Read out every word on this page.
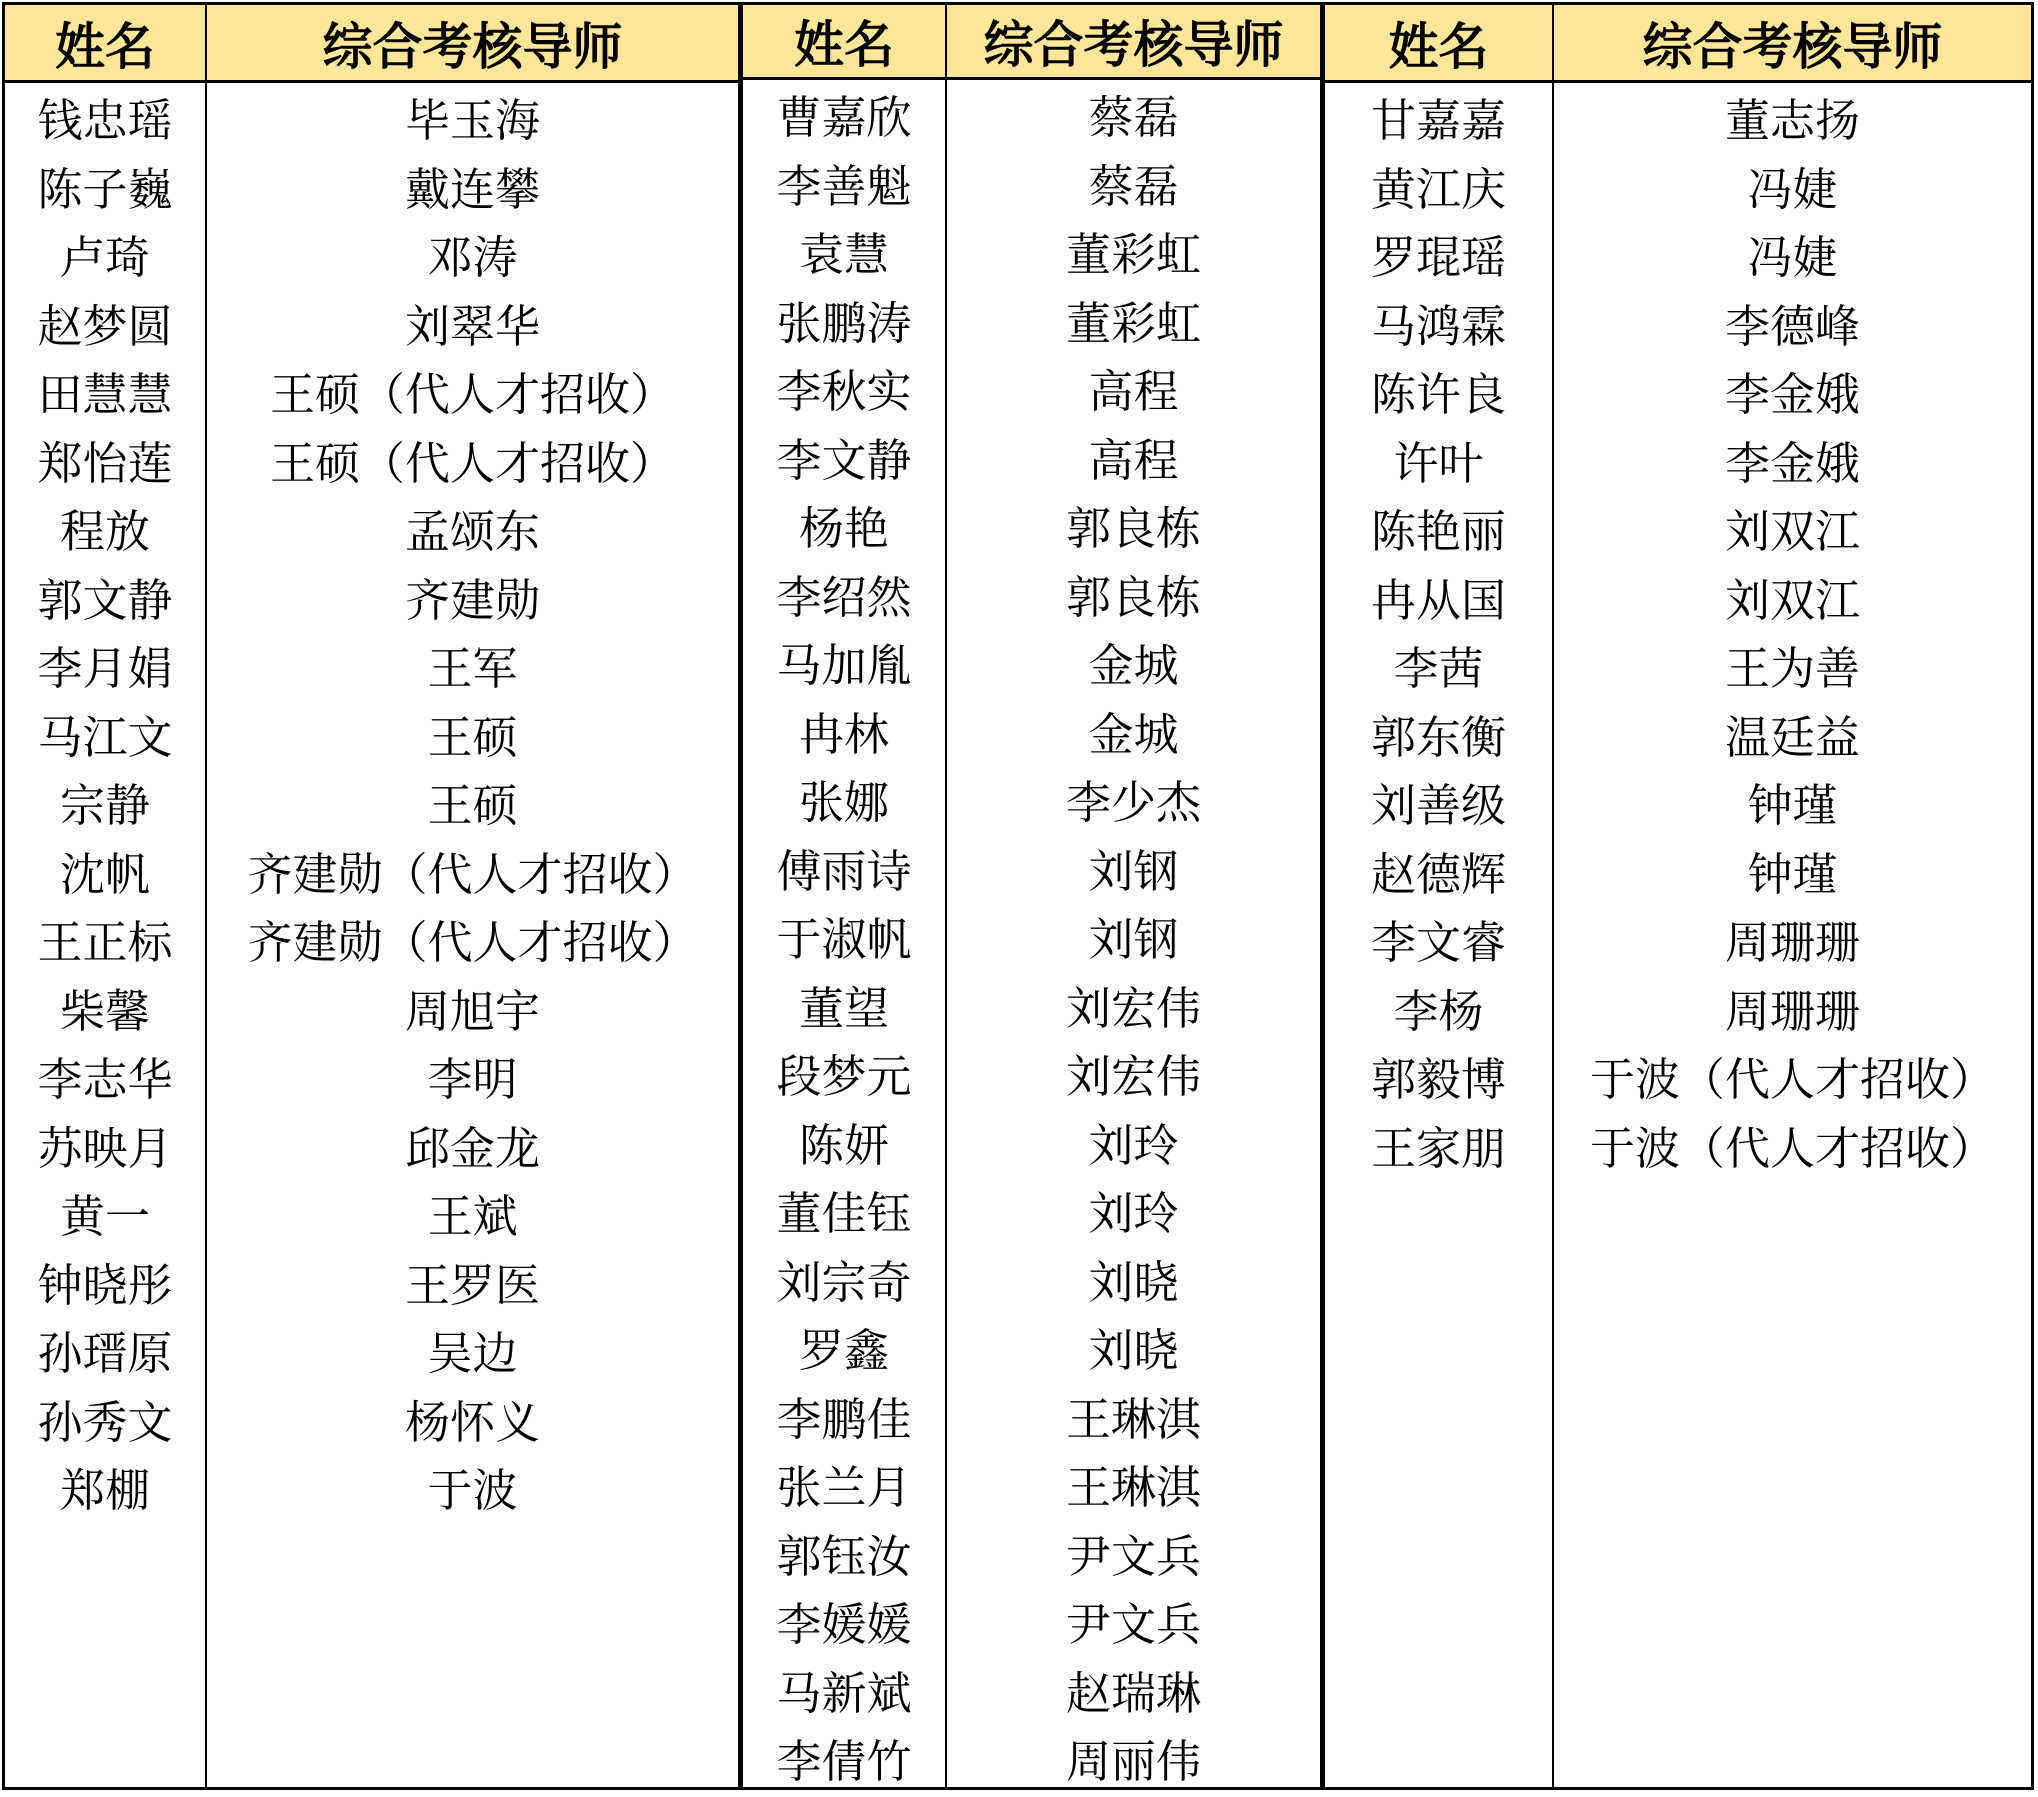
姓名
钱忠瑶
陈子巍
卢琦
赵梦圆
田慧慧
郑怡莲
程放
郭文静
李月娟
马江文
宗静
沈帆
王正标
柴馨
李志华
苏映月
黄一
钟晓彤
孙瑨原
孙秀文
郑棚
综合考核导师
毕玉海
戴连攀
邓涛
刘翠华
王硕（代人才招收）
王硕（代人才招收）
孟颂东
齐建勋
王军
王硕
王硕
齐建勋（代人才招收）
齐建勋（代人才招收）
周旭宇
李明
邱金龙
王斌
王罗医
吴边
杨怀义
于波
姓名
曹嘉欣
李善魁
袁慧
张鹏涛
李秋实
李文静
杨艳
李绍然
马加胤
冉林
张娜
傅雨诗
于淑帆
董望
段梦元
陈妍
董佳钰
刘宗奇
罗鑫
李鹏佳
张兰月
郭钰汝
李媛媛
马新斌
李倩竹
综合考核导师
蔡磊
蔡磊
董彩虹
董彩虹
高程
高程
郭良栋
郭良栋
金城
金城
李少杰
刘钢
刘钢
刘宏伟
刘宏伟
刘玲
刘玲
刘晓
刘晓
王琳淇
王琳淇
尹文兵
尹文兵
赵瑞琳
周丽伟
姓名
甘嘉嘉
黄江庆
罗琨瑶
马鸿霖
陈许良
许叶
陈艳丽
冉从国
李茜
郭东衡
刘善级
赵德辉
李文睿
李杨
郭毅博
王家朋
综合考核导师
董志扬
冯婕
冯婕
李德峰
李金娥
李金娥
刘双江
刘双江
王为善
温廷益
钟瑾
钟瑾
周珊珊
周珊珊
于波（代人才招收）
于波（代人才招收）
